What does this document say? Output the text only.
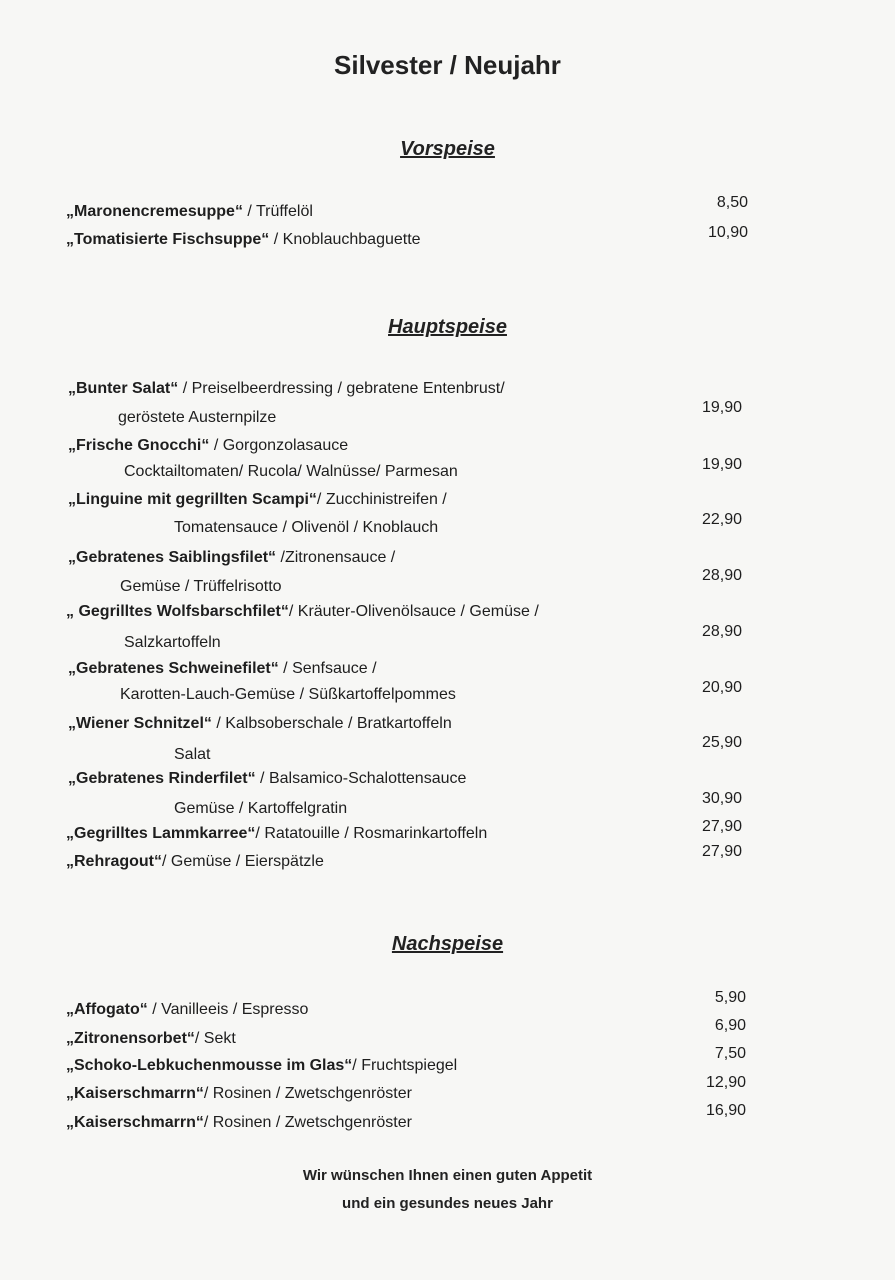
Silvester / Neujahr
Vorspeise
„Maronencremesuppe“ / Trüffelöl
8,50
„Tomatisierte Fischsuppe“ / Knoblauchbaguette	10,90
Hauptspeise
„Bunter Salat“ / Preiselbeerdressing / gebratene Entenbrust/
geröstete Austernpilze
19,90
„Frische Gnocchi“ / Gorgonzolasauce
Cocktailtomaten/ Rucola/ Walnüsse/ Parmesan	19,90
„Linguine mit gegrillten Scampi“/ Zucchinistreifen /
Tomatensauce / Olivenöl / Knoblauch	22,90
„Gebratenes Saiblingsfilet“ /Zitronensauce /
Gemüse / Trüffelrisotto
28,90
„ Gegrilltes Wolfsbarschfilet“/ Kräuter-Olivenölsauce / Gemüse /
Salzkartoffeln
28,90
„Gebratenes Schweinefilet“ / Senfsauce /
Karotten-Lauch-Gemüse / Süßkartoffelpommes	20,90
„Wiener Schnitzel“ / Kalbsoberschale / Bratkartoffeln
Salat
25,90
„Gebratenes Rinderfilet“ / Balsamico-Schalottensauce
Gemüse / Kartoffelgratin
30,90
„Gegrilltes Lammkarree“/ Ratatouille / Rosmarinkartoffeln	27,90
„Rehragout“/ Gemüse / Eierspätzle
27,90
Nachspeise
„Affogato“ / Vanilleeis / Espresso
5,90
„Zitronensorbet“/ Sekt
6,90
„Schoko-Lebkuchenmousse im Glas“/ Fruchtspiegel
7,50
„Kaiserschmarrn“/ Rosinen / Zwetschgenröster
12,90
„Kaiserschmarrn“/ Rosinen / Zwetschgenröster
16,90
Wir wünschen Ihnen einen guten Appetit
und ein gesundes neues Jahr
